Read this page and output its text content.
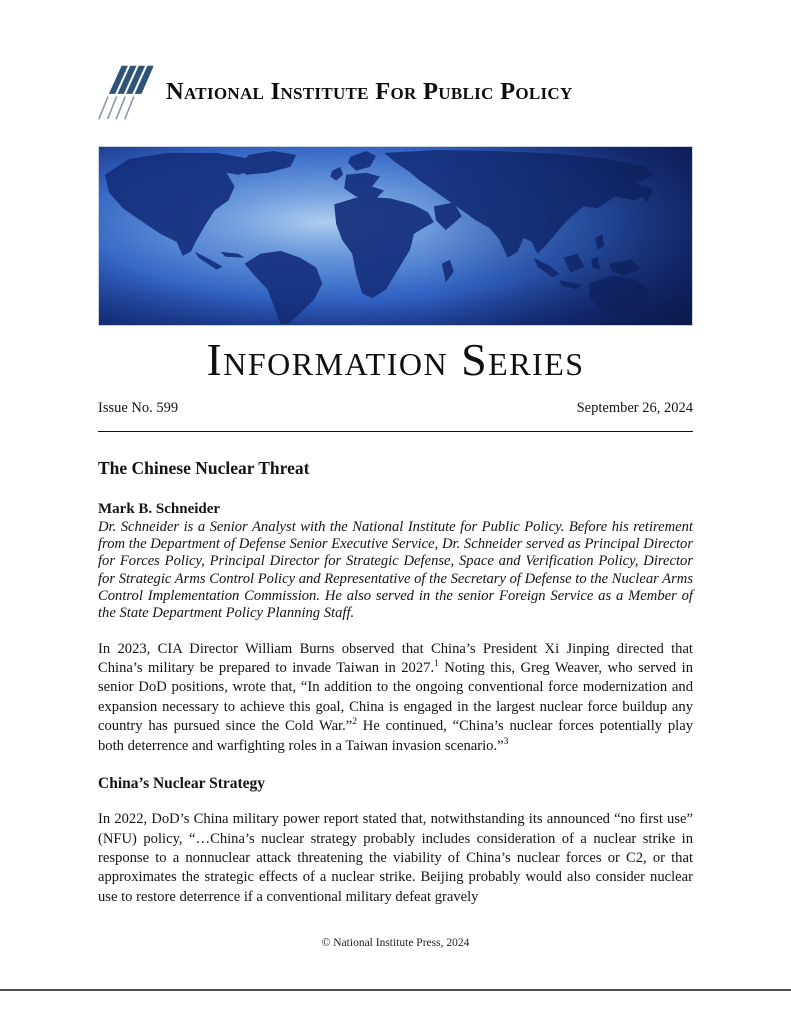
National Institute For Public Policy
Information Series
Issue No. 599	September 26, 2024
The Chinese Nuclear Threat
Mark B. Schneider

Dr. Schneider is a Senior Analyst with the National Institute for Public Policy. Before his retirement from the Department of Defense Senior Executive Service, Dr. Schneider served as Principal Director for Forces Policy, Principal Director for Strategic Defense, Space and Verification Policy, Director for Strategic Arms Control Policy and Representative of the Secretary of Defense to the Nuclear Arms Control Implementation Commission. He also served in the senior Foreign Service as a Member of the State Department Policy Planning Staff.

In 2023, CIA Director William Burns observed that China’s President Xi Jinping directed that China’s military be prepared to invade Taiwan in 2027.$^1$ Noting this, Greg Weaver, who served in senior DoD positions, wrote that, “In addition to the ongoing conventional force modernization and expansion necessary to achieve this goal, China is engaged in the largest nuclear force buildup any country has pursued since the Cold War.”$^2$ He continued, “China’s nuclear forces potentially play both deterrence and warfighting roles in a Taiwan invasion scenario.”$^3$

China’s Nuclear Strategy

In 2022, DoD’s China military power report stated that, notwithstanding its announced “no first use” (NFU) policy, “…China’s nuclear strategy probably includes consideration of a nuclear strike in response to a nonnuclear attack threatening the viability of China’s nuclear forces or C2, or that approximates the strategic effects of a nuclear strike. Beijing probably would also consider nuclear use to restore deterrence if a conventional military defeat gravely

© National Institute Press, 2024
